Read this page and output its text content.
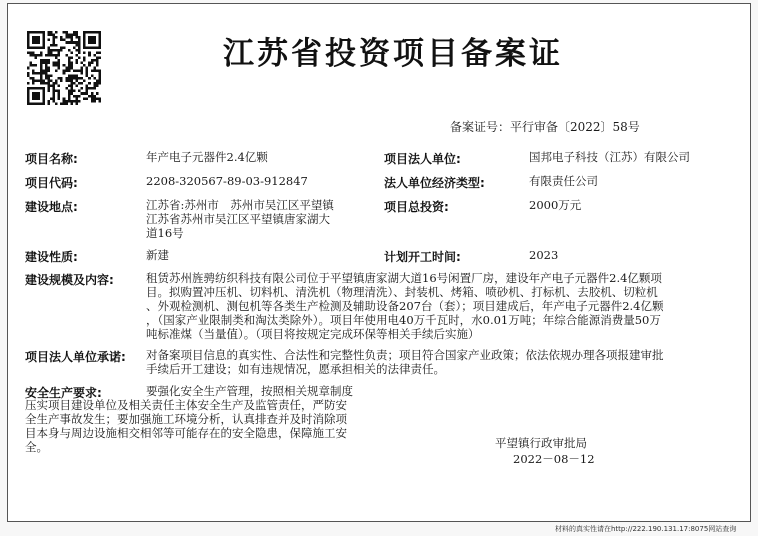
江苏省投资项目备案证
备案证号：平行审备〔2022〕58号
项目名称:	年产电子元器件2.4亿颗	项目法人单位:	国邦电子科技（江苏）有限公司
项目代码:	2208-320567-89-03-912847	法人单位经济类型:	有限责任公司
建设地点:	江苏省:苏州市　苏州市吴江区平望镇
江苏省苏州市吴江区平望镇唐家湖大
道16号
项目总投资:	2000万元
建设性质:	新建	计划开工时间:	2023
建设规模及内容:	租赁苏州旌骋纺织科技有限公司位于平望镇唐家湖大道16号闲置厂房，建设年产电子元器件2.4亿颗项
目。拟购置冲压机、切料机、清洗机（物理清洗）、封装机、烤箱、喷砂机、打标机、去胶机、切粒机
、外观检测机、测包机等各类生产检测及辅助设备207台（套）；项目建成后，年产电子元器件2.4亿颗
，（国家产业限制类和淘汰类除外）。项目年使用电40万千瓦时，水0.01万吨；年综合能源消费量50万
吨标准煤（当量值）。（项目将按规定完成环保等相关手续后实施）
项目法人单位承诺: 对备案项目信息的真实性、合法性和完整性负责；项目符合国家产业政策；依法依规办理各项报建审批
手续后开工建设；如有违规情况，愿承担相关的法律责任。
安全生产要求:	要强化安全生产管理，按照相关规章制度
压实项目建设单位及相关责任主体安全生产及监管责任，严防安
全生产事故发生；要加强施工环境分析，认真排查并及时消除项
目本身与周边设施相交相邻等可能存在的安全隐患，保障施工安
全。	平望镇行政审批局
2022－08－12
材料的真实性请在http://222.190.131.17:8075网站查询
